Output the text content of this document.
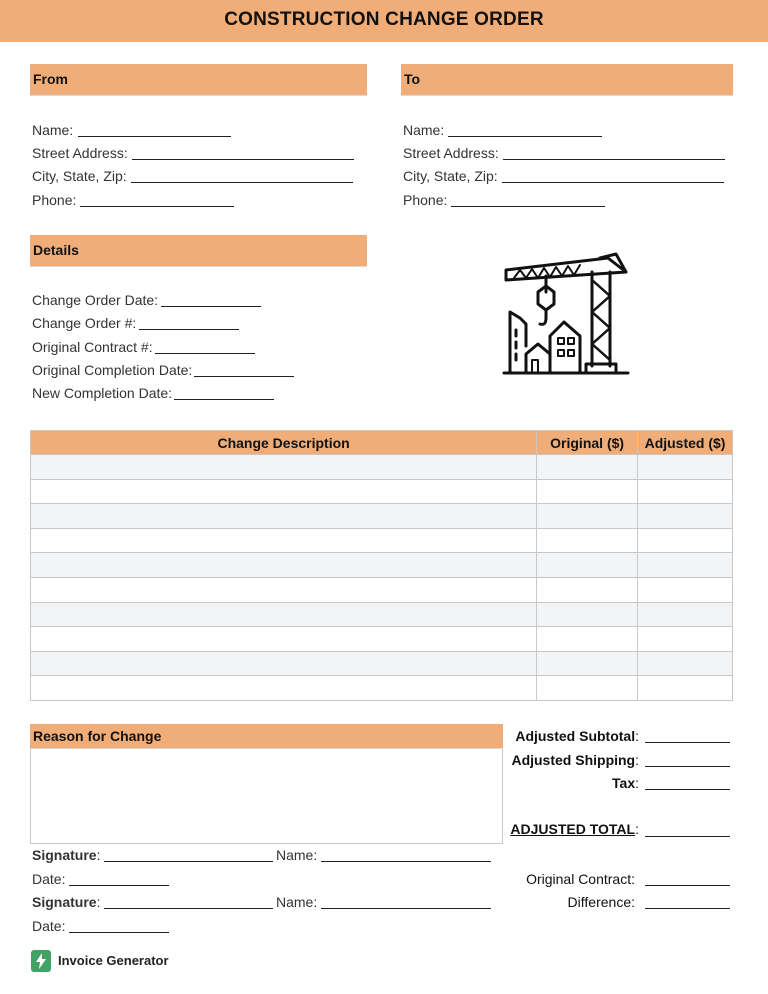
CONSTRUCTION CHANGE ORDER
From	To
Name:
Street Address:
City, State, Zip:
Phone:
Name:
Street Address:
City, State, Zip:
Phone:
Details
Change Order Date:
Change Order #:
Original Contract #:
Original Completion Date:
New Completion Date:
Change Description	Original ($)	Adjusted ($)

Reason for Change	Adjusted Subtotal:
Adjusted Shipping:
Tax:
ADJUSTED TOTAL:
Original Contract:
Difference:
Signature:	Name:
Date:
Signature:	Name:
Date:
Invoice Generator
